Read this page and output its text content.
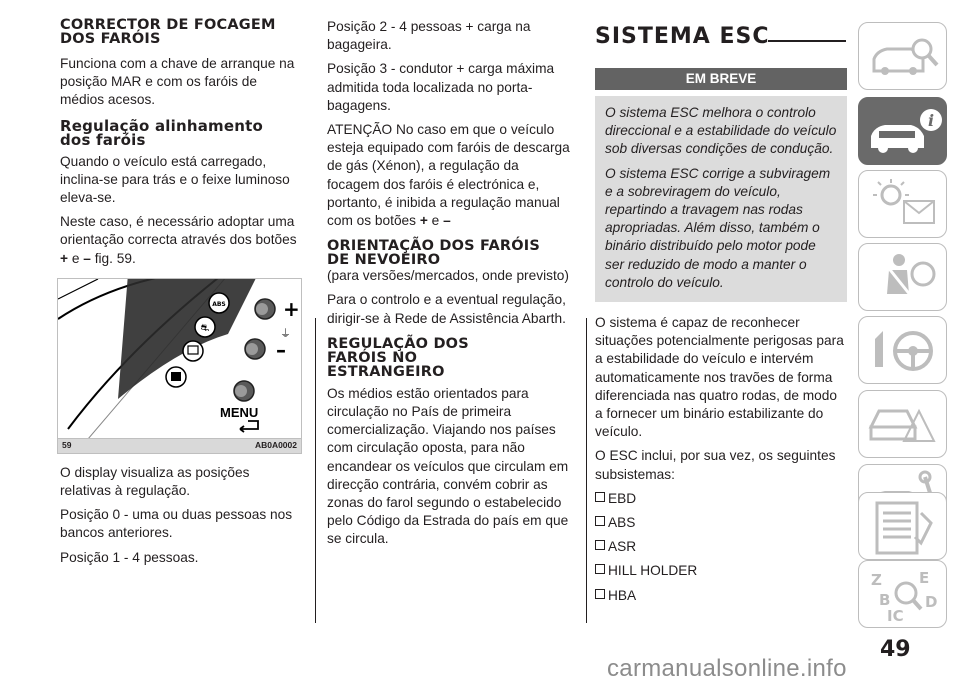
CORRECTOR DE FOCAGEM DOS FARÓIS

Funciona com a chave de arranque na posição MAR e com os faróis de médios acesos.

Regulação alinhamento dos faróis

Quando o veículo está carregado, inclina-se para trás e o feixe luminoso eleva-se.

Neste caso, é necessário adoptar uma orientação correcta através dos botões
+ e – fig. 59.

ABS
⛐
+
⏚
–
MENU
59	AB0A0002

O display visualiza as posições relativas à regulação.

Posição 0 - uma ou duas pessoas nos bancos anteriores.

Posição 1 - 4 pessoas.

Posição 2 - 4 pessoas + carga na bagageira.

Posição 3 - condutor + carga máxima admitida toda localizada no porta-bagagens.

ATENÇÃO No caso em que o veículo esteja equipado com faróis de descarga de gás (Xénon), a regulação da focagem dos faróis é electrónica e, portanto, é inibida a regulação manual com os botões + e –

ORIENTAÇÃO DOS FARÓIS DE NEVOEIRO

(para versões/mercados, onde previsto)

Para o controlo e a eventual regulação, dirigir-se à Rede de Assistência Abarth.

REGULAÇÃO DOS FARÓIS NO ESTRANGEIRO

Os médios estão orientados para circulação no País de primeira comercialização. Viajando nos países com circulação oposta, para não encandear os veículos que circulam em direcção contrária, convém cobrir as zonas do farol segundo o estabelecido pelo Código da Estrada do país em que se circula.

SISTEMA ESC
EM BREVE

O sistema ESC melhora o controlo direccional e a estabilidade do veículo sob diversas condições de condução.

O sistema ESC corrige a subviragem e a sobreviragem do veículo, repartindo a travagem nas rodas apropriadas. Além disso, também o binário distribuído pelo motor pode ser reduzido de modo a manter o controlo do veículo.

O sistema é capaz de reconhecer situações potencialmente perigosas para a estabilidade do veículo e intervém automaticamente nos travões de forma diferenciada nas quatro rodas, de modo a fornecer um binário estabilizante do veículo.

O ESC inclui, por sua vez, os seguintes subsistemas:

EBD

ABS

ASR

HILL HOLDER

HBA

i
Z E
B D
IC
49
carmanualsonline.info
